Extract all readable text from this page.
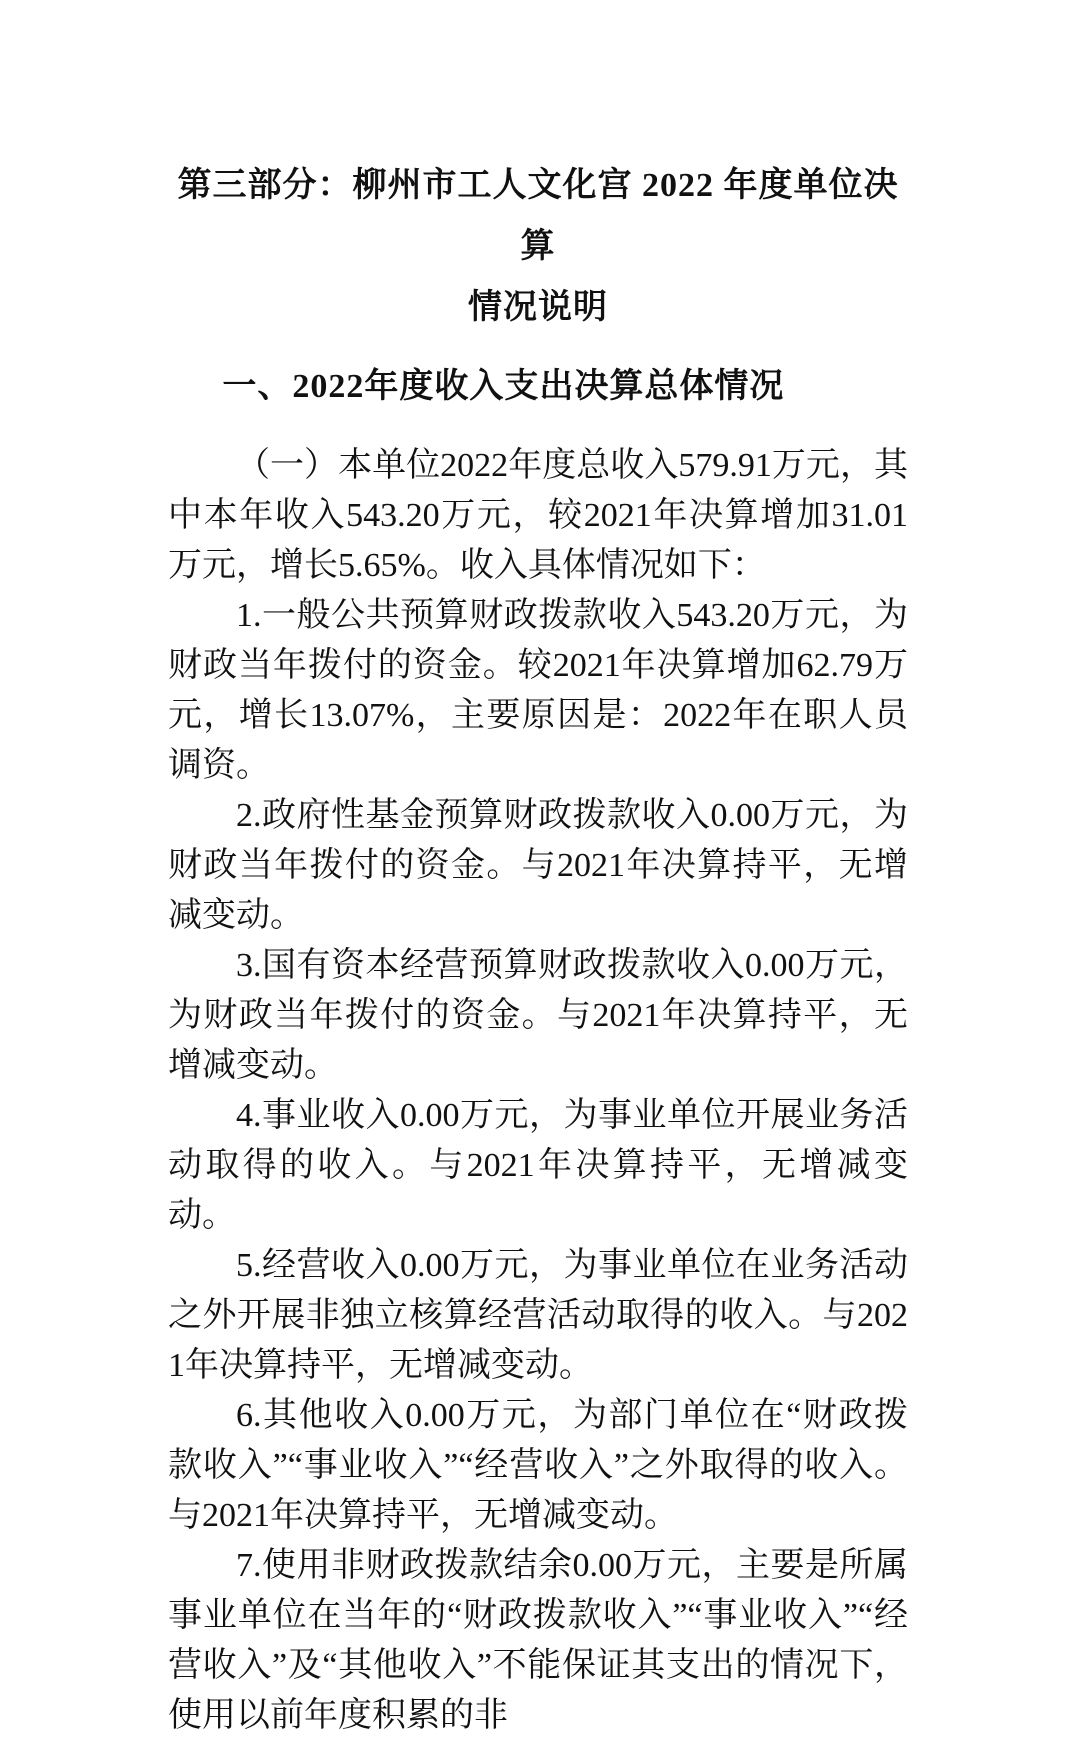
第三部分：柳州市工人文化宫 2022 年度单位决算
情况说明
一、2022年度收入支出决算总体情况

（一）本单位2022年度总收入579.91万元，其中本年收入543.20万元，较2021年决算增加31.01万元，增长5.65%。收入具体情况如下：

1.一般公共预算财政拨款收入543.20万元，为财政当年拨付的资金。较2021年决算增加62.79万元，增长13.07%，主要原因是：2022年在职人员调资。

2.政府性基金预算财政拨款收入0.00万元，为财政当年拨付的资金。与2021年决算持平，无增减变动。

3.国有资本经营预算财政拨款收入0.00万元，为财政当年拨付的资金。与2021年决算持平，无增减变动。

4.事业收入0.00万元，为事业单位开展业务活动取得的收入。与2021年决算持平，无增减变动。

5.经营收入0.00万元，为事业单位在业务活动之外开展非独立核算经营活动取得的收入。与2021年决算持平，无增减变动。

6.其他收入0.00万元，为部门单位在“财政拨款收入”“事业收入”“经营收入”之外取得的收入。与2021年决算持平，无增减变动。

7.使用非财政拨款结余0.00万元，主要是所属事业单位在当年的“财政拨款收入”“事业收入”“经营收入”及“其他收入”不能保证其支出的情况下，使用以前年度积累的非
